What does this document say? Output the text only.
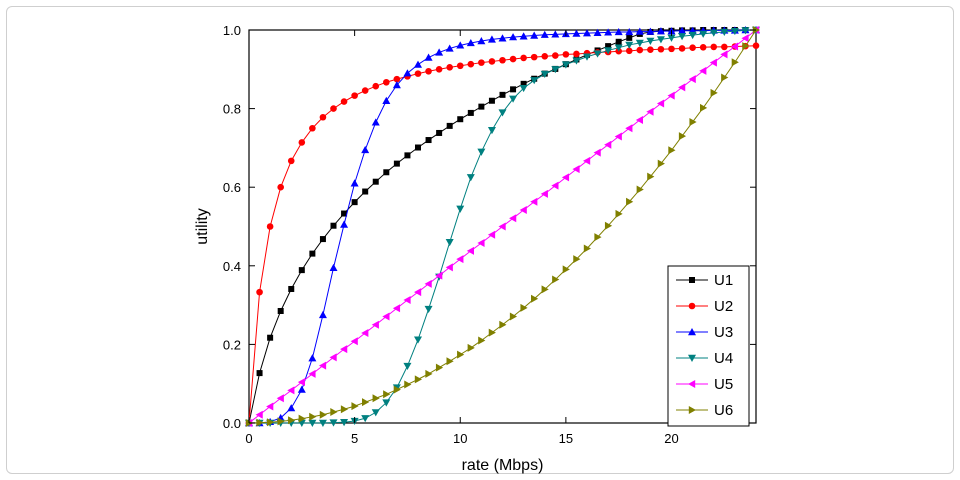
0	5	10	15	20
0.0
0.2
0.4
0.6
0.8
1.0
rate (Mbps)
utility
U1
U2
U3
U4
U5
U6
